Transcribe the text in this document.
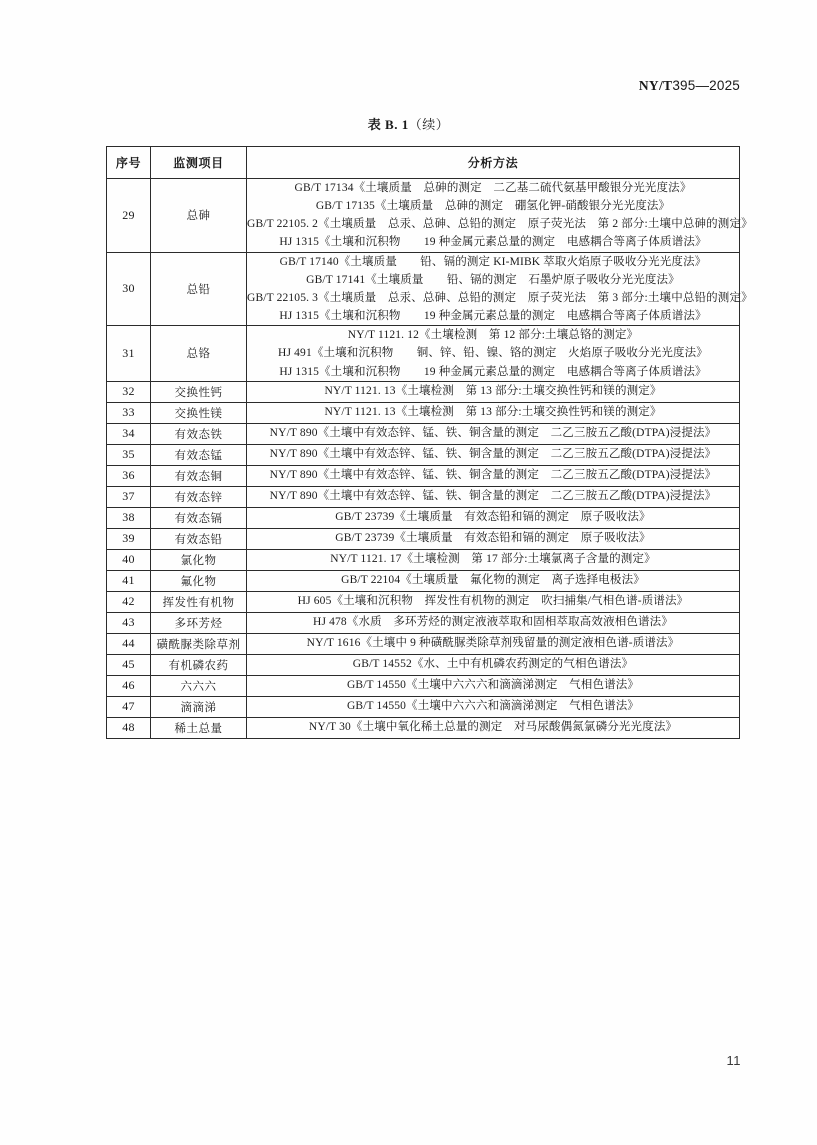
NY/T395—2025
表 B. 1（续）
序号	监测项目	分析方法
29	总砷	GB/T 17134《土壤质量　总砷的测定　二乙基二硫代氨基甲酸银分光光度法》
GB/T 17135《土壤质量　总砷的测定　硼氢化钾-硝酸银分光光度法》
GB/T 22105. 2《土壤质量　总汞、总砷、总铅的测定　原子荧光法　第 2 部分:土壤中总砷的测定》
HJ 1315《土壤和沉积物　　19 种金属元素总量的测定　电感耦合等离子体质谱法》

30	总铅	GB/T 17140《土壤质量　　铅、镉的测定 KI-MIBK 萃取火焰原子吸收分光光度法》
GB/T 17141《土壤质量　　铅、镉的测定　石墨炉原子吸收分光光度法》
GB/T 22105. 3《土壤质量　总汞、总砷、总铅的测定　原子荧光法　第 3 部分:土壤中总铅的测定》
HJ 1315《土壤和沉积物　　19 种金属元素总量的测定　电感耦合等离子体质谱法》

31	总铬	NY/T 1121. 12《土壤检测　第 12 部分:土壤总铬的测定》
HJ 491《土壤和沉积物　　铜、锌、铅、镍、铬的测定　火焰原子吸收分光光度法》
HJ 1315《土壤和沉积物　　19 种金属元素总量的测定　电感耦合等离子体质谱法》

32	交换性钙	NY/T 1121. 13《土壤检测　第 13 部分:土壤交换性钙和镁的测定》

33	交换性镁	NY/T 1121. 13《土壤检测　第 13 部分:土壤交换性钙和镁的测定》

34	有效态铁	NY/T 890《土壤中有效态锌、锰、铁、铜含量的测定　二乙三胺五乙酸(DTPA)浸提法》

35	有效态锰	NY/T 890《土壤中有效态锌、锰、铁、铜含量的测定　二乙三胺五乙酸(DTPA)浸提法》

36	有效态铜	NY/T 890《土壤中有效态锌、锰、铁、铜含量的测定　二乙三胺五乙酸(DTPA)浸提法》

37	有效态锌	NY/T 890《土壤中有效态锌、锰、铁、铜含量的测定　二乙三胺五乙酸(DTPA)浸提法》

38	有效态镉	GB/T 23739《土壤质量　有效态铅和镉的测定　原子吸收法》

39	有效态铅	GB/T 23739《土壤质量　有效态铅和镉的测定　原子吸收法》

40	氯化物	NY/T 1121. 17《土壤检测　第 17 部分:土壤氯离子含量的测定》

41	氟化物	GB/T 22104《土壤质量　氟化物的测定　离子选择电极法》

42	挥发性有机物	HJ 605《土壤和沉积物　挥发性有机物的测定　吹扫捕集/气相色谱-质谱法》

43	多环芳烃	HJ 478《水质　多环芳烃的测定液液萃取和固相萃取高效液相色谱法》

44	磺酰脲类除草剂	NY/T 1616《土壤中 9 种磺酰脲类除草剂残留量的测定液相色谱-质谱法》

45	有机磷农药	GB/T 14552《水、土中有机磷农药测定的气相色谱法》

46	六六六	GB/T 14550《土壤中六六六和滴滴涕测定　气相色谱法》

47	滴滴涕	GB/T 14550《土壤中六六六和滴滴涕测定　气相色谱法》

48	稀土总量	NY/T 30《土壤中氧化稀土总量的测定　对马尿酸偶氮氯磷分光光度法》
11
